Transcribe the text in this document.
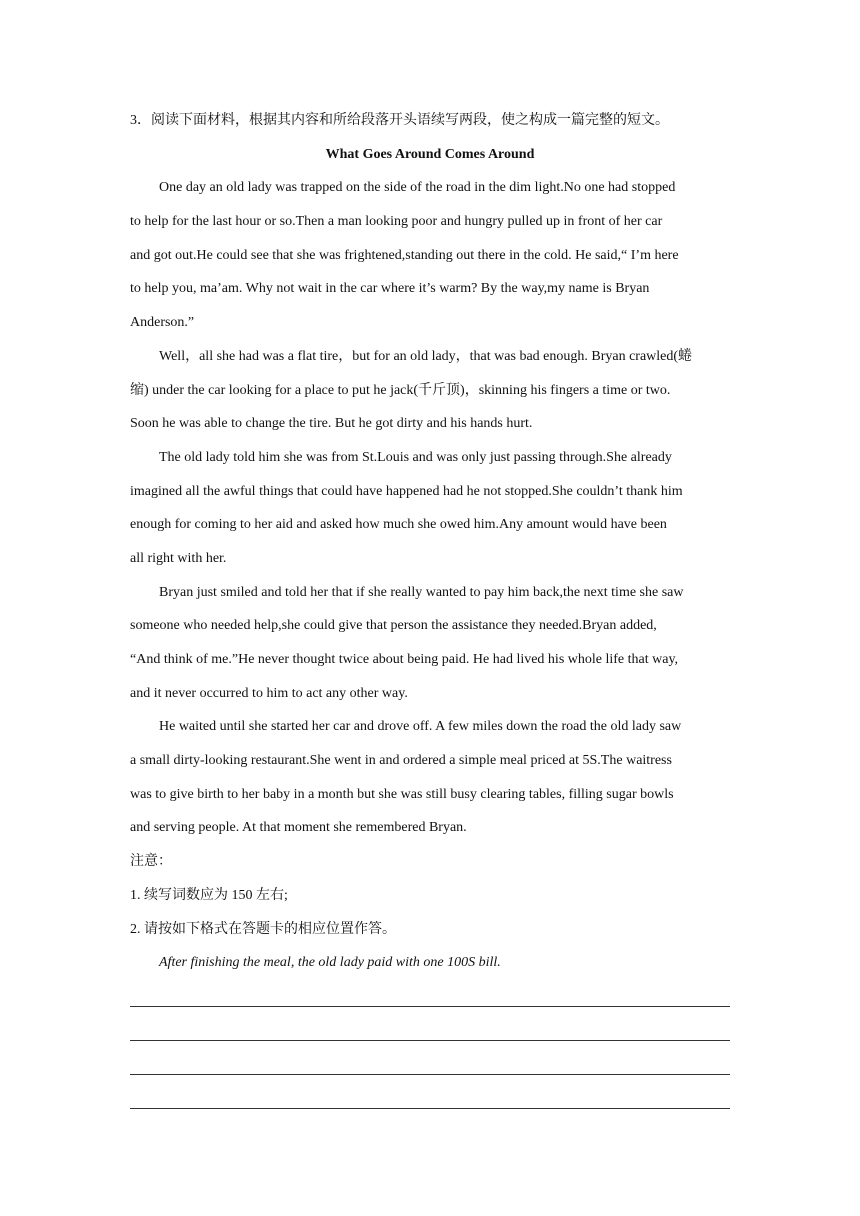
3．阅读下面材料，根据其内容和所给段落开头语续写两段，使之构成一篇完整的短文。
What Goes Around Comes Around
One day an old lady was trapped on the side of the road in the dim light.No one had stopped
to help for the last hour or so.Then a man looking poor and hungry pulled up in front of her car
and got out.He could see that she was frightened,standing out there in the cold. He said,“ I’m here
to help you, ma’am. Why not wait in the car where it’s warm? By the way,my name is Bryan
Anderson.”
Well，all she had was a flat tire，but for an old lady，that was bad enough. Bryan crawled(蜷
缩) under the car looking for a place to put he jack(千斤顶)，skinning his fingers a time or two.
Soon he was able to change the tire. But he got dirty and his hands hurt.
The old lady told him she was from St.Louis and was only just passing through.She already
imagined all the awful things that could have happened had he not stopped.She couldn’t thank him
enough for coming to her aid and asked how much she owed him.Any amount would have been
all right with her.
Bryan just smiled and told her that if she really wanted to pay him back,the next time she saw
someone who needed help,she could give that person the assistance they needed.Bryan added,
“And think of me.”He never thought twice about being paid. He had lived his whole life that way,
and it never occurred to him to act any other way.
He waited until she started her car and drove off. A few miles down the road the old lady saw
a small dirty-looking restaurant.She went in and ordered a simple meal priced at 5S.The waitress
was to give birth to her baby in a month but she was still busy clearing tables, filling sugar bowls
and serving people. At that moment she remembered Bryan.
注意：
1. 续写词数应为 150 左右;
2. 请按如下格式在答题卡的相应位置作答。
After finishing the meal, the old lady paid with one 100S bill.
